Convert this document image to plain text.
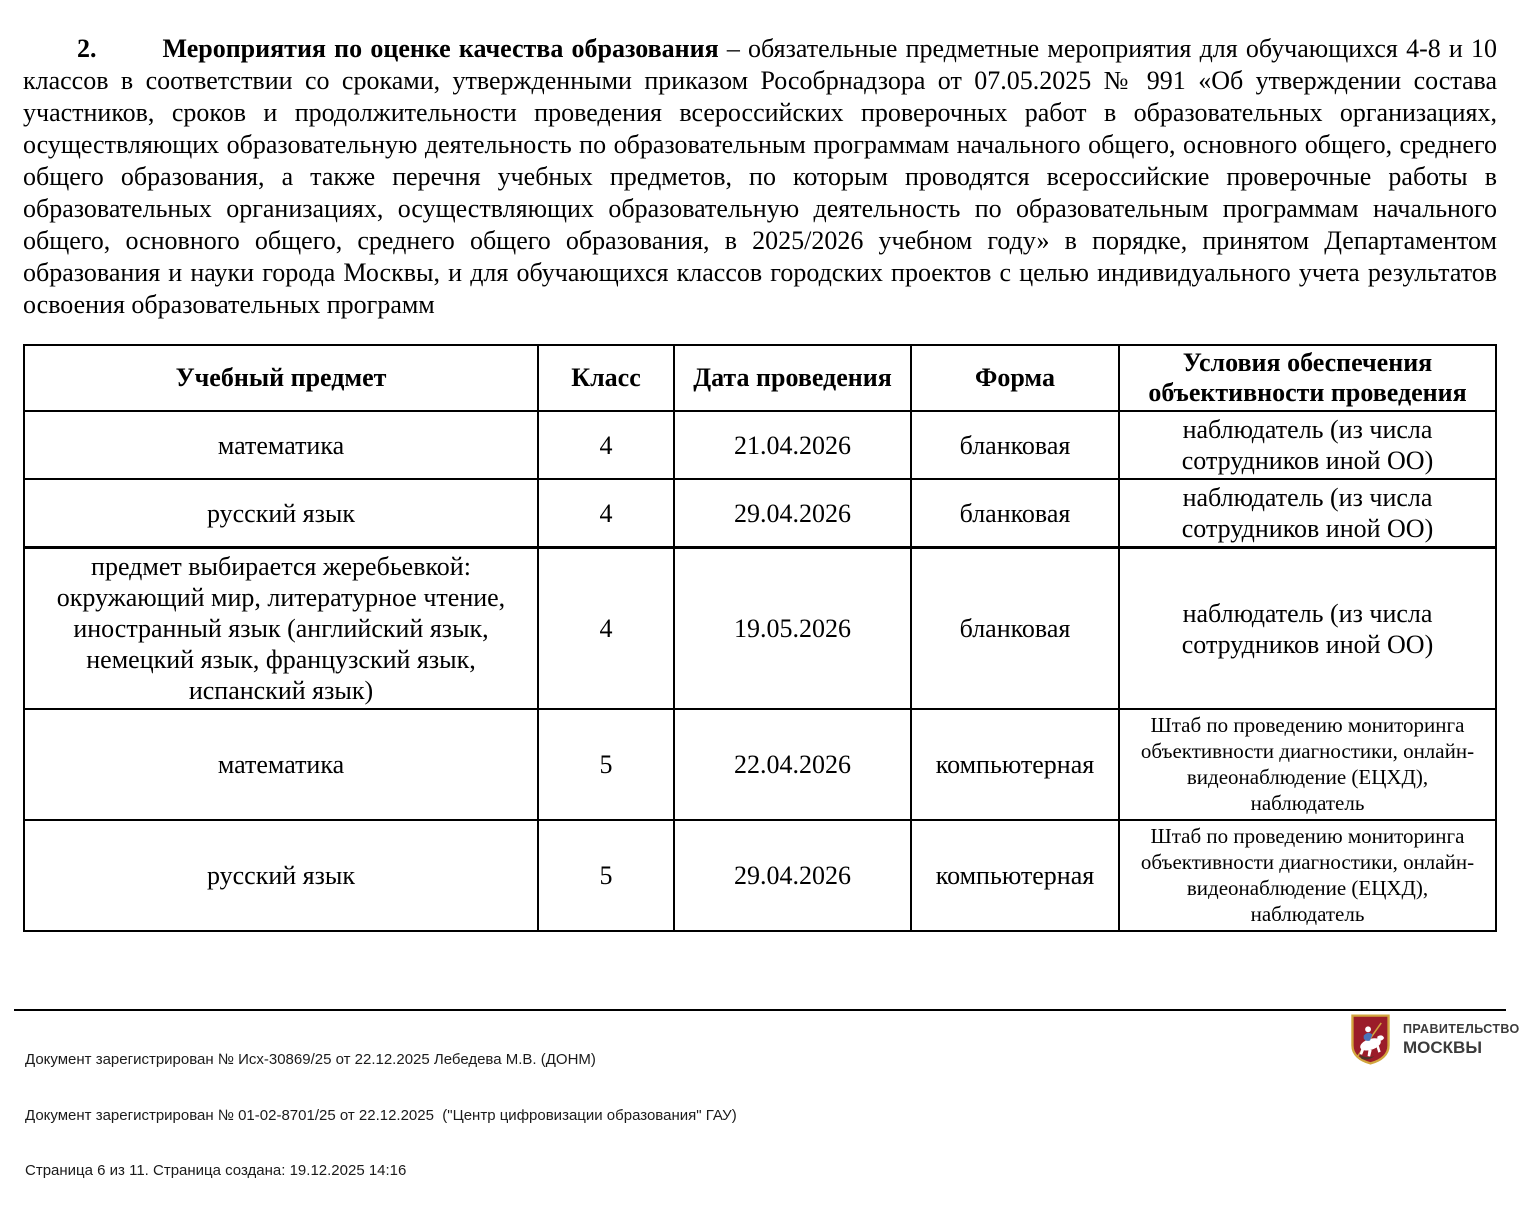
2.	Мероприятия по оценке качества образования – обязательные предметные мероприятия для обучающихся 4-8 и 10 классов в соответствии со сроками, утвержденными приказом Рособрнадзора от 07.05.2025 № 991 «Об утверждении состава участников, сроков и продолжительности проведения всероссийских проверочных работ в образовательных организациях, осуществляющих образовательную деятельность по образовательным программам начального общего, основного общего, среднего общего образования, а также перечня учебных предметов, по которым проводятся всероссийские проверочные работы в образовательных организациях, осуществляющих образовательную деятельность по образовательным программам начального общего, основного общего, среднего общего образования, в 2025/2026 учебном году» в порядке, принятом Департаментом образования и науки города Москвы, и для обучающихся классов городских проектов с целью индивидуального учета результатов освоения образовательных программ

Учебный предмет	Класс	Дата проведения	Форма	Условия обеспечения объективности проведения
математика	4	21.04.2026	бланковая	наблюдатель (из числа сотрудников иной ОО)
русский язык	4	29.04.2026	бланковая	наблюдатель (из числа сотрудников иной ОО)
предмет выбирается жеребьевкой: окружающий мир, литературное чтение, иностранный язык (английский язык, немецкий язык, французский язык, испанский язык)	4	19.05.2026	бланковая	наблюдатель (из числа сотрудников иной ОО)
математика	5	22.04.2026	компьютерная	Штаб по проведению мониторинга объективности диагностики, онлайн-видеонаблюдение (ЕЦХД), наблюдатель
русский язык	5	29.04.2026	компьютерная	Штаб по проведению мониторинга объективности диагностики, онлайн-видеонаблюдение (ЕЦХД), наблюдатель

Документ зарегистрирован № Исх-30869/25 от 22.12.2025 Лебедева М.В. (ДОНМ)

Документ зарегистрирован № 01-02-8701/25 от 22.12.2025  ("Центр цифровизации образования" ГАУ)

Страница 6 из 11. Страница создана: 19.12.2025 14:16

ПРАВИТЕЛЬСТВО
МОСКВЫ
